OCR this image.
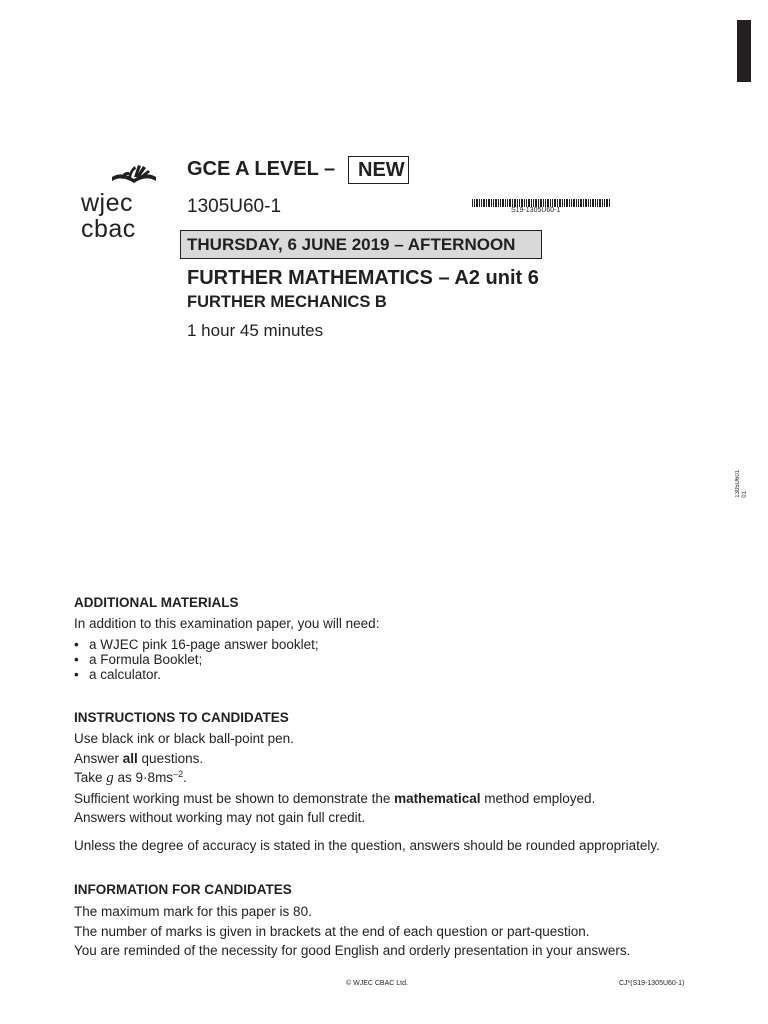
wjec
cbac
GCE A LEVEL –	NEW
1305U60-1	S19-1305U60-1
THURSDAY, 6 JUNE 2019 – AFTERNOON
FURTHER MATHEMATICS – A2 unit 6
FURTHER MECHANICS B
1 hour 45 minutes
1305U601
01
ADDITIONAL MATERIALS
In addition to this examination paper, you will need:
• a WJEC pink 16-page answer booklet;
• a Formula Booklet;
• a calculator.
INSTRUCTIONS TO CANDIDATES
Use black ink or black ball-point pen.
Answer all questions.
Take g as $9\cdot 8ms^{-2}$.
Sufficient working must be shown to demonstrate the mathematical method employed.
Answers without working may not gain full credit.
Unless the degree of accuracy is stated in the question, answers should be rounded appropriately.
INFORMATION FOR CANDIDATES
The maximum mark for this paper is 80.
The number of marks is given in brackets at the end of each question or part-question.
You are reminded of the necessity for good English and orderly presentation in your answers.
© WJEC CBAC Ltd.	CJ*(S19-1305U60-1)
